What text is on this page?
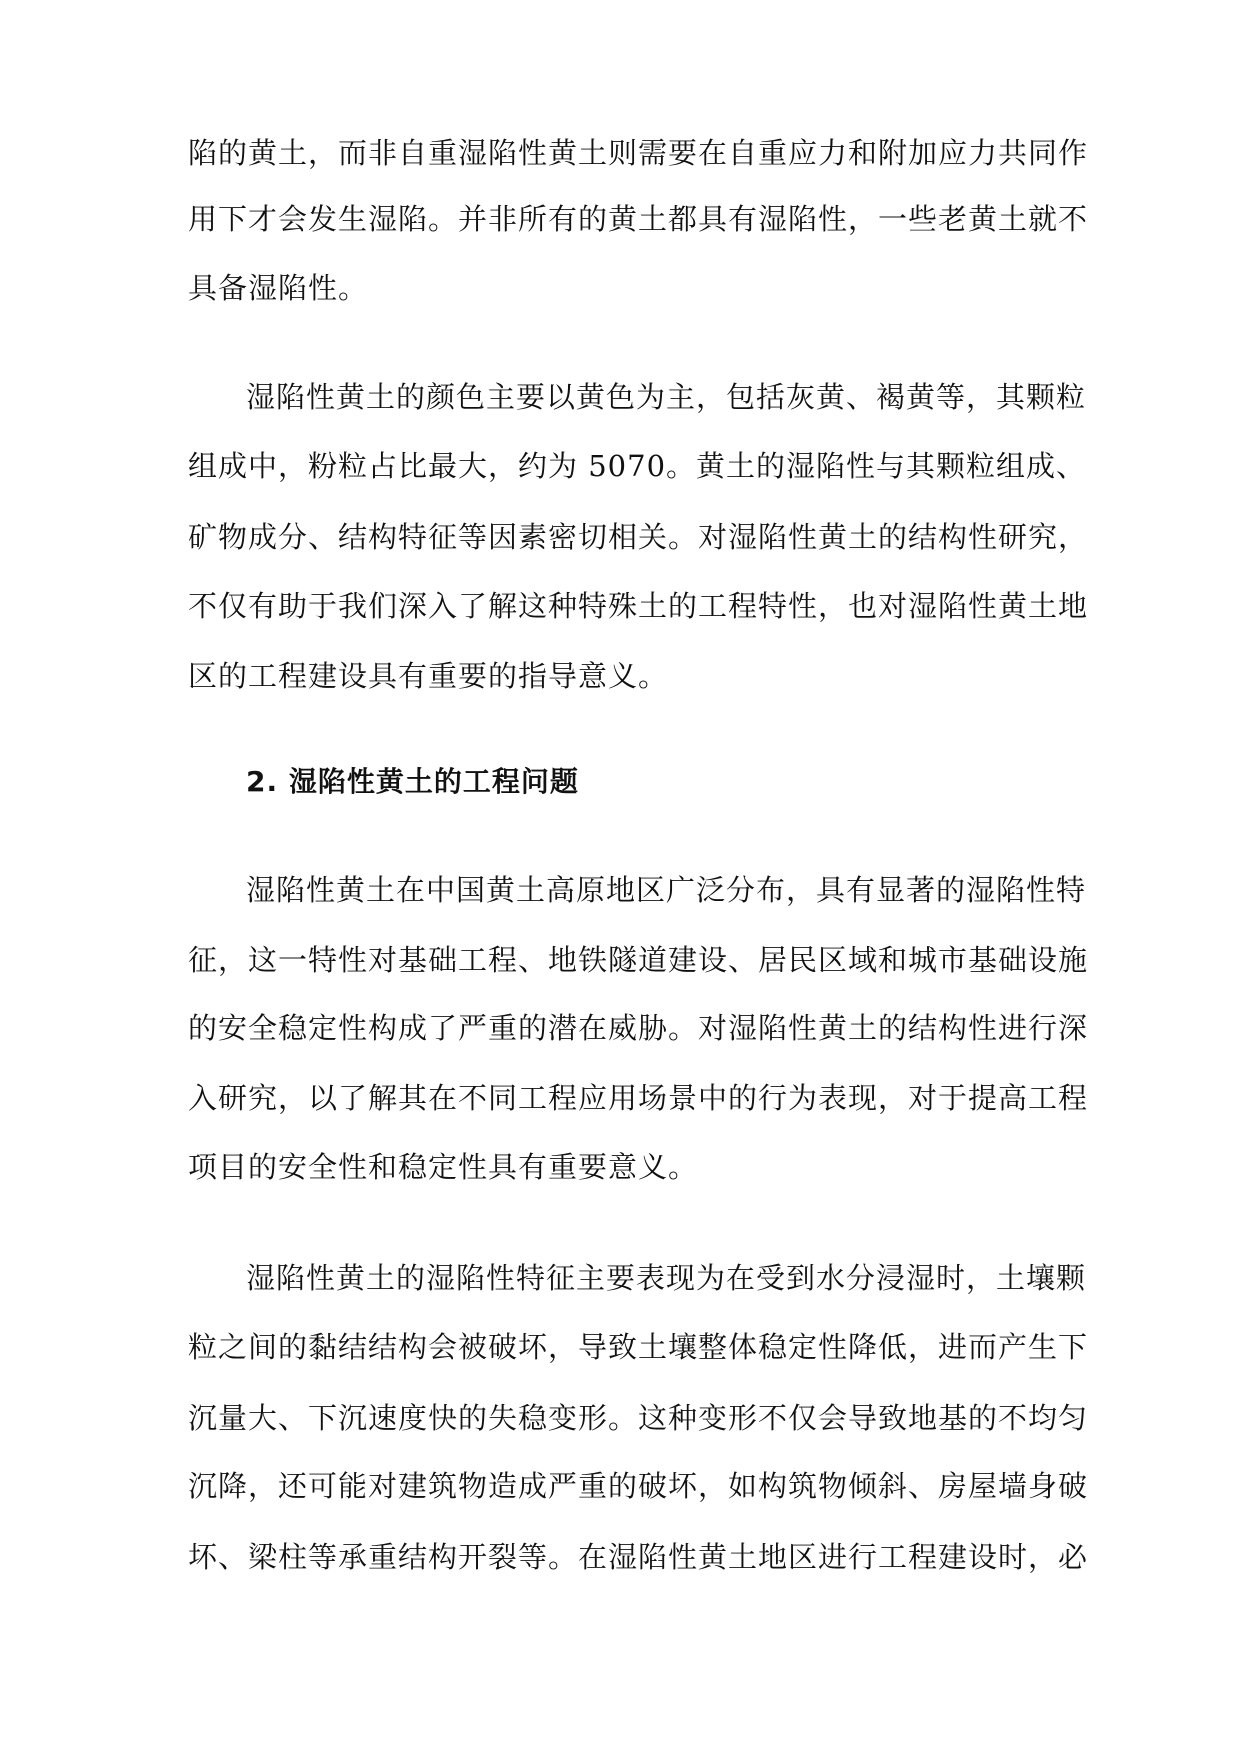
陷的黄土，而非自重湿陷性黄土则需要在自重应力和附加应力共同作
用下才会发生湿陷。并非所有的黄土都具有湿陷性，一些老黄土就不
具备湿陷性。
湿陷性黄土的颜色主要以黄色为主，包括灰黄、褐黄等，其颗粒
组成中，粉粒占比最大，约为 5070。黄土的湿陷性与其颗粒组成、
矿物成分、结构特征等因素密切相关。对湿陷性黄土的结构性研究，
不仅有助于我们深入了解这种特殊土的工程特性，也对湿陷性黄土地
区的工程建设具有重要的指导意义。
2. 湿陷性黄土的工程问题
湿陷性黄土在中国黄土高原地区广泛分布，具有显著的湿陷性特
征，这一特性对基础工程、地铁隧道建设、居民区域和城市基础设施
的安全稳定性构成了严重的潜在威胁。对湿陷性黄土的结构性进行深
入研究，以了解其在不同工程应用场景中的行为表现，对于提高工程
项目的安全性和稳定性具有重要意义。
湿陷性黄土的湿陷性特征主要表现为在受到水分浸湿时，土壤颗
粒之间的黏结结构会被破坏，导致土壤整体稳定性降低，进而产生下
沉量大、下沉速度快的失稳变形。这种变形不仅会导致地基的不均匀
沉降，还可能对建筑物造成严重的破坏，如构筑物倾斜、房屋墙身破
坏、梁柱等承重结构开裂等。在湿陷性黄土地区进行工程建设时，必
